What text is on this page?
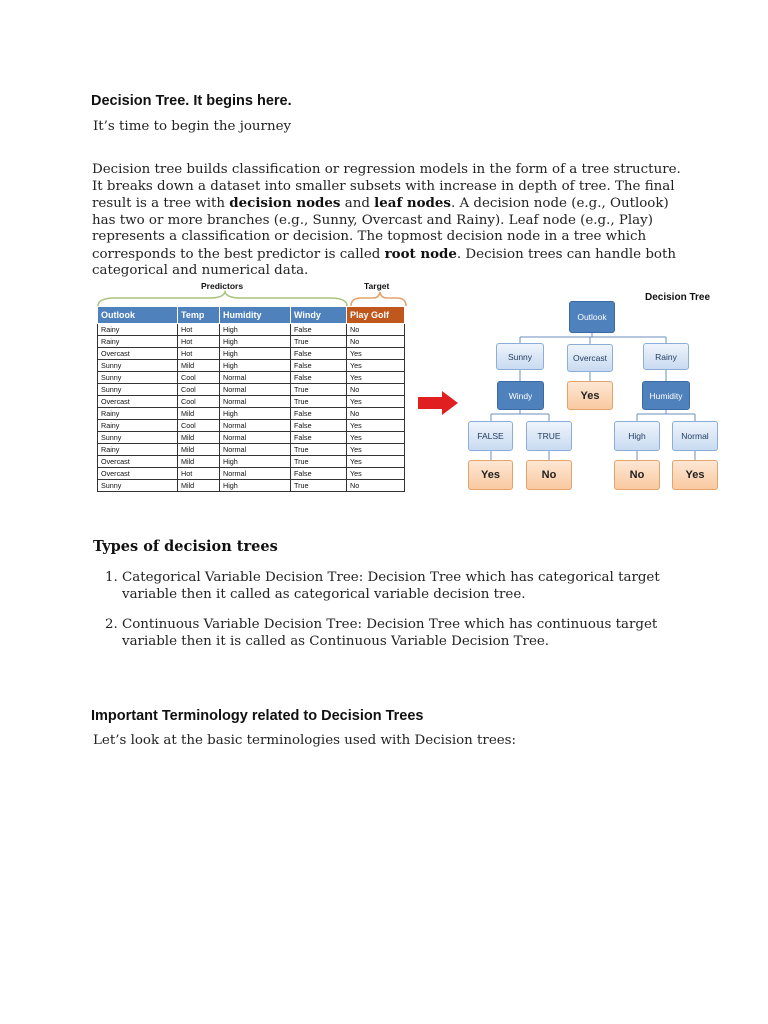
Decision Tree. It begins here.
It’s time to begin the journey
Decision tree builds classification or regression models in the form of a tree structure. It breaks down a dataset into smaller subsets with increase in depth of tree. The final result is a tree with decision nodes and leaf nodes. A decision node (e.g., Outlook) has two or more branches (e.g., Sunny, Overcast and Rainy). Leaf node (e.g., Play) represents a classification or decision. The topmost decision node in a tree which corresponds to the best predictor is called root node. Decision trees can handle both categorical and numerical data.
Predictors	Target
Outlook	Temp	Humidity	Windy	Play Golf
Rainy	Hot	High	False	No
Rainy	Hot	High	True	No
Overcast	Hot	High	False	Yes
Sunny	Mild	High	False	Yes
Sunny	Cool	Normal	False	Yes
Sunny	Cool	Normal	True	No
Overcast	Cool	Normal	True	Yes
Rainy	Mild	High	False	No
Rainy	Cool	Normal	False	Yes
Sunny	Mild	Normal	False	Yes
Rainy	Mild	Normal	True	Yes
Overcast	Mild	High	True	Yes
Overcast	Hot	Normal	False	Yes
Sunny	Mild	High	True	No
Decision Tree
Outlook
Sunny	Overcast	Rainy
Windy	Yes	Humidity
FALSE	TRUE	High	Normal
Yes	No	No	Yes
Types of decision trees
1. Categorical Variable Decision Tree: Decision Tree which has categorical target variable then it called as categorical variable decision tree.
2. Continuous Variable Decision Tree: Decision Tree which has continuous target variable then it is called as Continuous Variable Decision Tree.
Important Terminology related to Decision Trees
Let’s look at the basic terminologies used with Decision trees:
